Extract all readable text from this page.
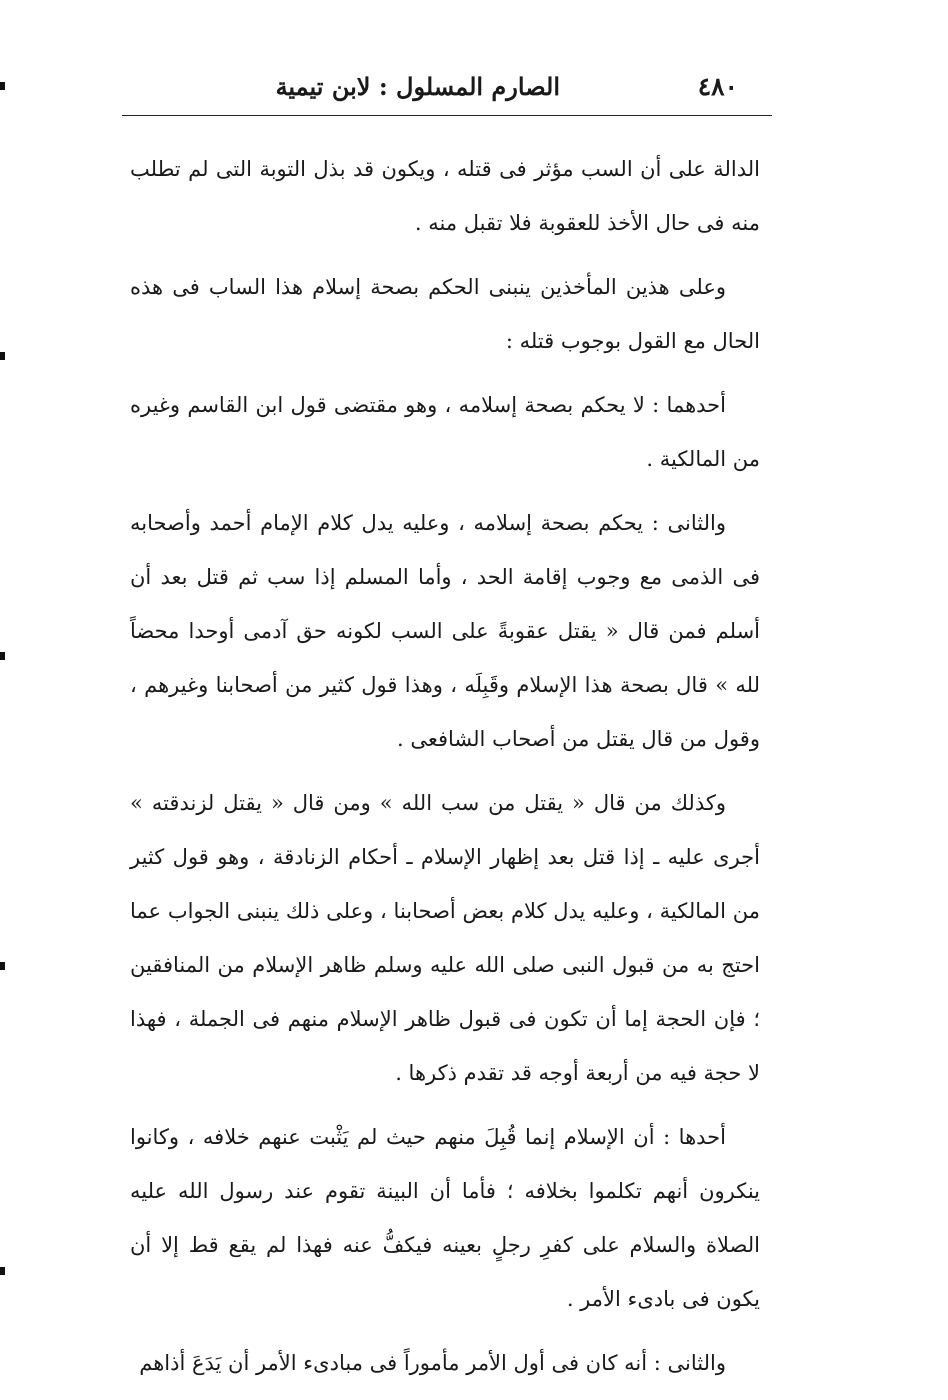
٤٨٠
الصارم المسلول : لابن تيمية

الدالة على أن السب مؤثر فى قتله ، ويكون قد بذل التوبة التى لم تطلب منه فى حال الأخذ للعقوبة فلا تقبل منه .

وعلى هذين المأخذين ينبنى الحكم بصحة إسلام هذا الساب فى هذه الحال مع القول بوجوب قتله :

أحدهما : لا يحكم بصحة إسلامه ، وهو مقتضى قول ابن القاسم وغيره من المالكية .

والثانى : يحكم بصحة إسلامه ، وعليه يدل كلام الإمام أحمد وأصحابه فى الذمى مع وجوب إقامة الحد ، وأما المسلم إذا سب ثم قتل بعد أن أسلم فمن قال « يقتل عقوبةً على السب لكونه حق آدمى أوحدا محضاً لله » قال بصحة هذا الإسلام وقَبِلَه ، وهذا قول كثير من أصحابنا وغيرهم ، وقول من قال يقتل من أصحاب الشافعى .

وكذلك من قال « يقتل من سب الله » ومن قال « يقتل لزندقته » أجرى عليه ـ إذا قتل بعد إظهار الإسلام ـ أحكام الزنادقة ، وهو قول كثير من المالكية ، وعليه يدل كلام بعض أصحابنا ، وعلى ذلك ينبنى الجواب عما احتج به من قبول النبى صلى الله عليه وسلم ظاهر الإسلام من المنافقين ؛ فإن الحجة إما أن تكون فى قبول ظاهر الإسلام منهم فى الجملة ، فهذا لا حجة فيه من أربعة أوجه قد تقدم ذكرها .

أحدها : أن الإسلام إنما قُبِلَ منهم حيث لم يَثْبت عنهم خلافه ، وكانوا ينكرون أنهم تكلموا بخلافه ؛ فأما أن البينة تقوم عند رسول الله عليه الصلاة والسلام على كفرِ رجلٍ بعينه فيكفُّ عنه فهذا لم يقع قط إلا أن يكون فى بادىء الأمر .

والثانى : أنه كان فى أول الأمر مأموراً فى مبادىء الأمر أن يَدَعَ أذاهم
